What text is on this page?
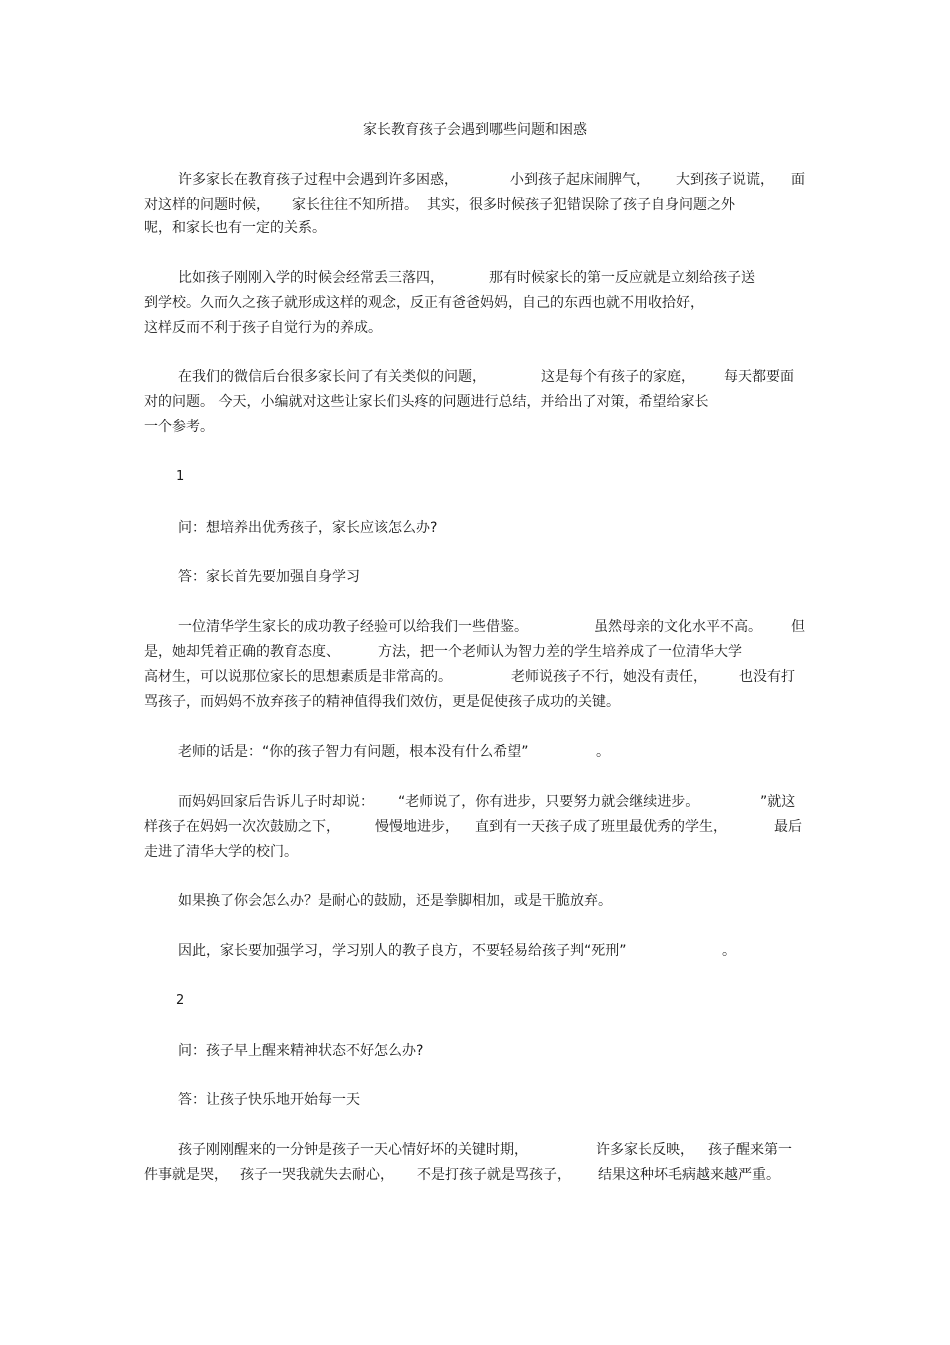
家长教育孩子会遇到哪些问题和困惑
许多家长在教育孩子过程中会遇到许多困惑，	小到孩子起床闹脾气， 大到孩子说谎， 面
对这样的问题时候， 家长往往不知所措。 其实，很多时候孩子犯错误除了孩子自身问题之外
呢，和家长也有一定的关系。
比如孩子刚刚入学的时候会经常丢三落四，	那有时候家长的第一反应就是立刻给孩子送
到学校。久而久之孩子就形成这样的观念，反正有爸爸妈妈，自己的东西也就不用收拾好，
这样反而不利于孩子自觉行为的养成。
在我们的微信后台很多家长问了有关类似的问题，	这是每个有孩子的家庭， 每天都要面
对的问题。 今天，小编就对这些让家长们头疼的问题进行总结，并给出了对策，希望给家长
一个参考。
1
问：想培养出优秀孩子，家长应该怎么办?
答：家长首先要加强自身学习
一位清华学生家长的成功教子经验可以给我们一些借鉴。	虽然母亲的文化水平不高。 但
是，她却凭着正确的教育态度、	方法，把一个老师认为智力差的学生培养成了一位清华大学
高材生，可以说那位家长的思想素质是非常高的。	老师说孩子不行，她没有责任， 也没有打
骂孩子，而妈妈不放弃孩子的精神值得我们效仿，更是促使孩子成功的关键。
老师的话是：“你的孩子智力有问题，根本没有什么希望”	。
而妈妈回家后告诉儿子时却说： “老师说了，你有进步，只要努力就会继续进步。	”就这
样孩子在妈妈一次次鼓励之下，	慢慢地进步， 直到有一天孩子成了班里最优秀的学生，	最后
走进了清华大学的校门。
如果换了你会怎么办？是耐心的鼓励，还是拳脚相加，或是干脆放弃。
因此，家长要加强学习，学习别人的教子良方，不要轻易给孩子判“死刑”	。
2
问：孩子早上醒来精神状态不好怎么办?
答：让孩子快乐地开始每一天
孩子刚刚醒来的一分钟是孩子一天心情好坏的关键时期，	许多家长反映， 孩子醒来第一
件事就是哭， 孩子一哭我就失去耐心， 不是打孩子就是骂孩子， 结果这种坏毛病越来越严重。
